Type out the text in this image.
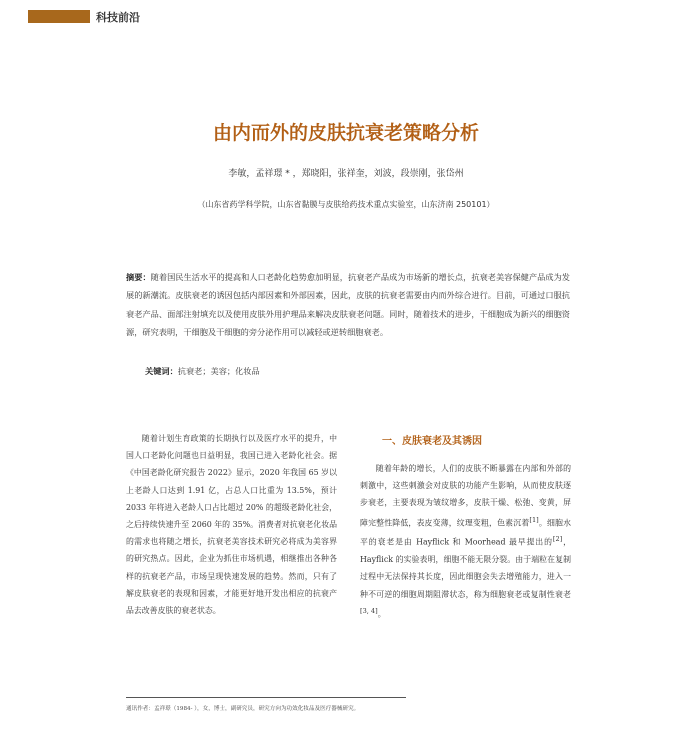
科技前沿
由内而外的皮肤抗衰老策略分析
李敏，孟祥璟 * ，郑晓阳，张祥奎，刘波，段崇刚，张岱州
（山东省药学科学院，山东省黏膜与皮肤给药技术重点实验室，山东济南 250101）
摘要：随着国民生活水平的提高和人口老龄化趋势愈加明显，抗衰老产品成为市场新的增长点，抗衰老美容保健产品成为发展的新潮流。皮肤衰老的诱因包括内部因素和外部因素，因此，皮肤的抗衰老需要由内而外综合进行。目前，可通过口服抗衰老产品、面部注射填充以及使用皮肤外用护理品来解决皮肤衰老问题。同时，随着技术的进步，干细胞成为新兴的细胞资源，研究表明，干细胞及干细胞的旁分泌作用可以减轻或逆转细胞衰老。
关键词：抗衰老；美容；化妆品

随着计划生育政策的长期执行以及医疗水平的提升，中国人口老龄化问题也日益明显，我国已进入老龄化社会。据《中国老龄化研究报告 2022》显示，2020 年我国 65 岁以上老龄人口达到 1.91 亿，占总人口比重为 13.5%，预计 2033 年将进入老龄人口占比超过 20% 的超级老龄化社会，之后持续快速升至 2060 年的 35%。消费者对抗衰老化妆品的需求也将随之增长，抗衰老美容技术研究必将成为美容界的研究热点。因此，企业为抓住市场机遇，相继推出各种各样的抗衰老产品，市场呈现快速发展的趋势。然而，只有了解皮肤衰老的表现和因素，才能更好地开发出相应的抗衰产品去改善皮肤的衰老状态。

一、皮肤衰老及其诱因

随着年龄的增长，人们的皮肤不断暴露在内部和外部的刺激中，这些刺激会对皮肤的功能产生影响，从而使皮肤逐步衰老，主要表现为皱纹增多，皮肤干燥、松弛、变黄，屏障完整性降低，表皮变薄，纹理变粗，色素沉着[1]。细胞水平的衰老是由 Hayflick 和 Moorhead 最早提出的[2]，Hayflick 的实验表明，细胞不能无限分裂。由于端粒在复制过程中无法保持其长度，因此细胞会失去增殖能力，进入一种不可逆的细胞周期阻滞状态，称为细胞衰老或复制性衰老[3, 4]。

通讯作者：孟祥璟（1984- ），女，博士，副研究员，研究方向为功效化妆品及医疗器械研究。
